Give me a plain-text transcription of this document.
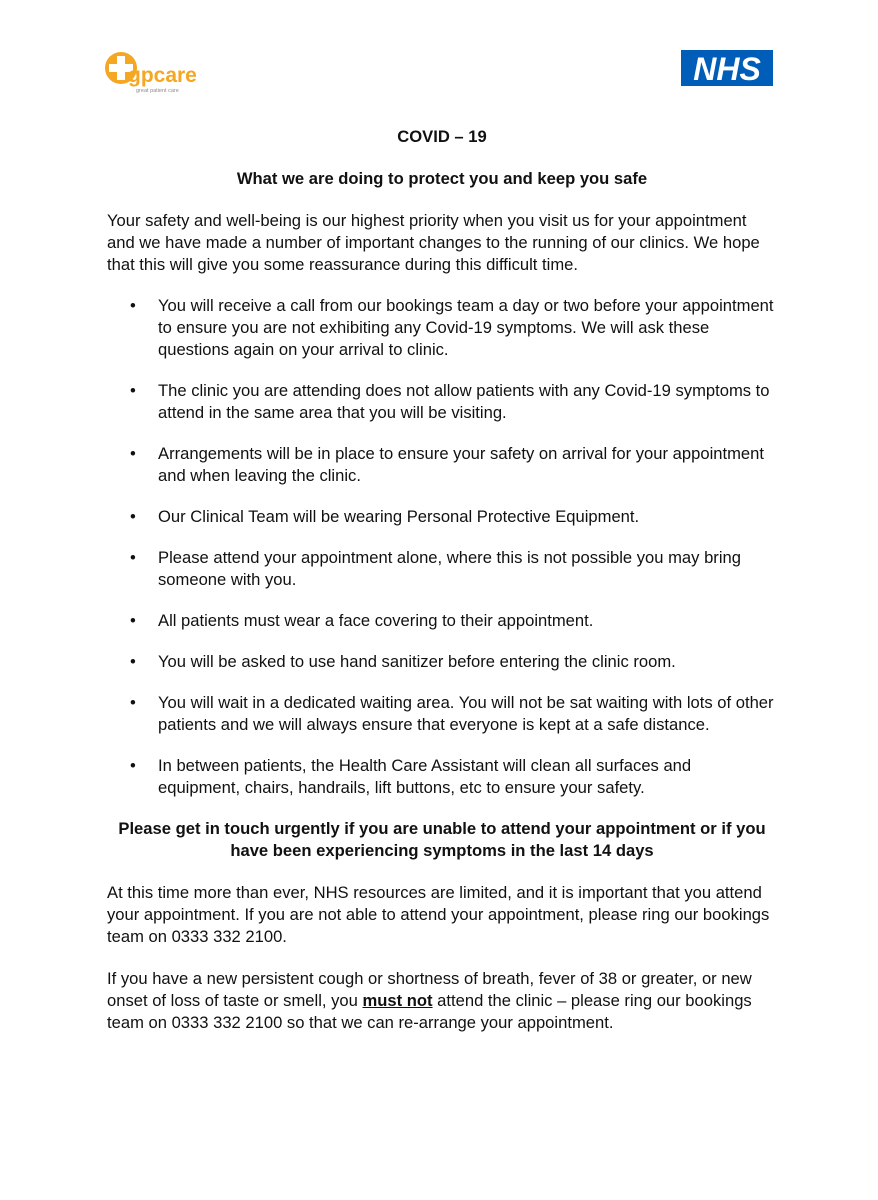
gpcare
great patient care
NHS
COVID – 19
What we are doing to protect you and keep you safe

Your safety and well-being is our highest priority when you visit us for your appointment and we have made a number of important changes to the running of our clinics. We hope that this will give you some reassurance during this difficult time.

• You will receive a call from our bookings team a day or two before your appointment to ensure you are not exhibiting any Covid-19 symptoms. We will ask these questions again on your arrival to clinic.
• The clinic you are attending does not allow patients with any Covid-19 symptoms to attend in the same area that you will be visiting.
• Arrangements will be in place to ensure your safety on arrival for your appointment and when leaving the clinic.
• Our Clinical Team will be wearing Personal Protective Equipment.
• Please attend your appointment alone, where this is not possible you may bring someone with you.
• All patients must wear a face covering to their appointment.
• You will be asked to use hand sanitizer before entering the clinic room.
• You will wait in a dedicated waiting area. You will not be sat waiting with lots of other patients and we will always ensure that everyone is kept at a safe distance.
• In between patients, the Health Care Assistant will clean all surfaces and equipment, chairs, handrails, lift buttons, etc to ensure your safety.

Please get in touch urgently if you are unable to attend your appointment or if you have been experiencing symptoms in the last 14 days

At this time more than ever, NHS resources are limited, and it is important that you attend your appointment. If you are not able to attend your appointment, please ring our bookings team on 0333 332 2100.

If you have a new persistent cough or shortness of breath, fever of 38 or greater, or new onset of loss of taste or smell, you must not attend the clinic – please ring our bookings team on 0333 332 2100 so that we can re-arrange your appointment.
